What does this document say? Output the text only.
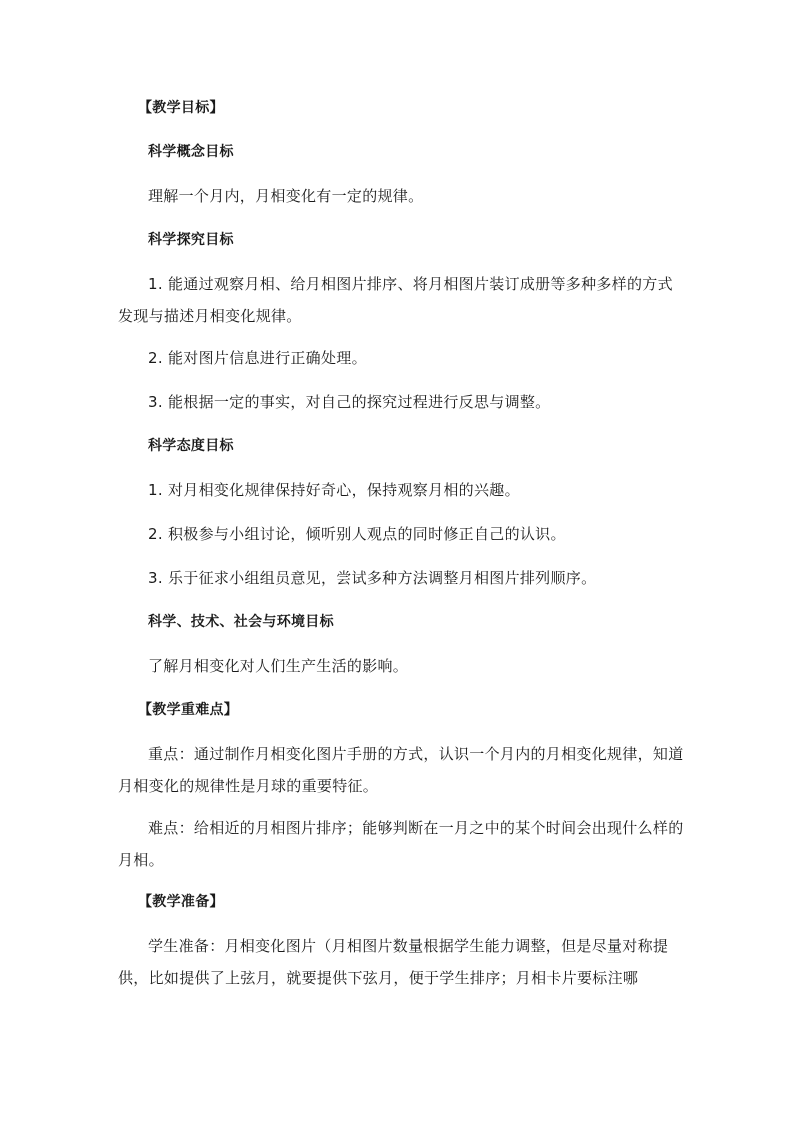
【教学目标】

科学概念目标

理解一个月内，月相变化有一定的规律。

科学探究目标

1. 能通过观察月相、给月相图片排序、将月相图片装订成册等多种多样的方式发现与描述月相变化规律。

2. 能对图片信息进行正确处理。

3. 能根据一定的事实，对自己的探究过程进行反思与调整。

科学态度目标

1. 对月相变化规律保持好奇心，保持观察月相的兴趣。

2. 积极参与小组讨论，倾听别人观点的同时修正自己的认识。

3. 乐于征求小组组员意见，尝试多种方法调整月相图片排列顺序。

科学、技术、社会与环境目标

了解月相变化对人们生产生活的影响。

【教学重难点】

重点：通过制作月相变化图片手册的方式，认识一个月内的月相变化规律，知道月相变化的规律性是月球的重要特征。

难点：给相近的月相图片排序；能够判断在一月之中的某个时间会出现什么样的月相。

【教学准备】

学生准备：月相变化图片（月相图片数量根据学生能力调整，但是尽量对称提供，比如提供了上弦月，就要提供下弦月，便于学生排序；月相卡片要标注哪
